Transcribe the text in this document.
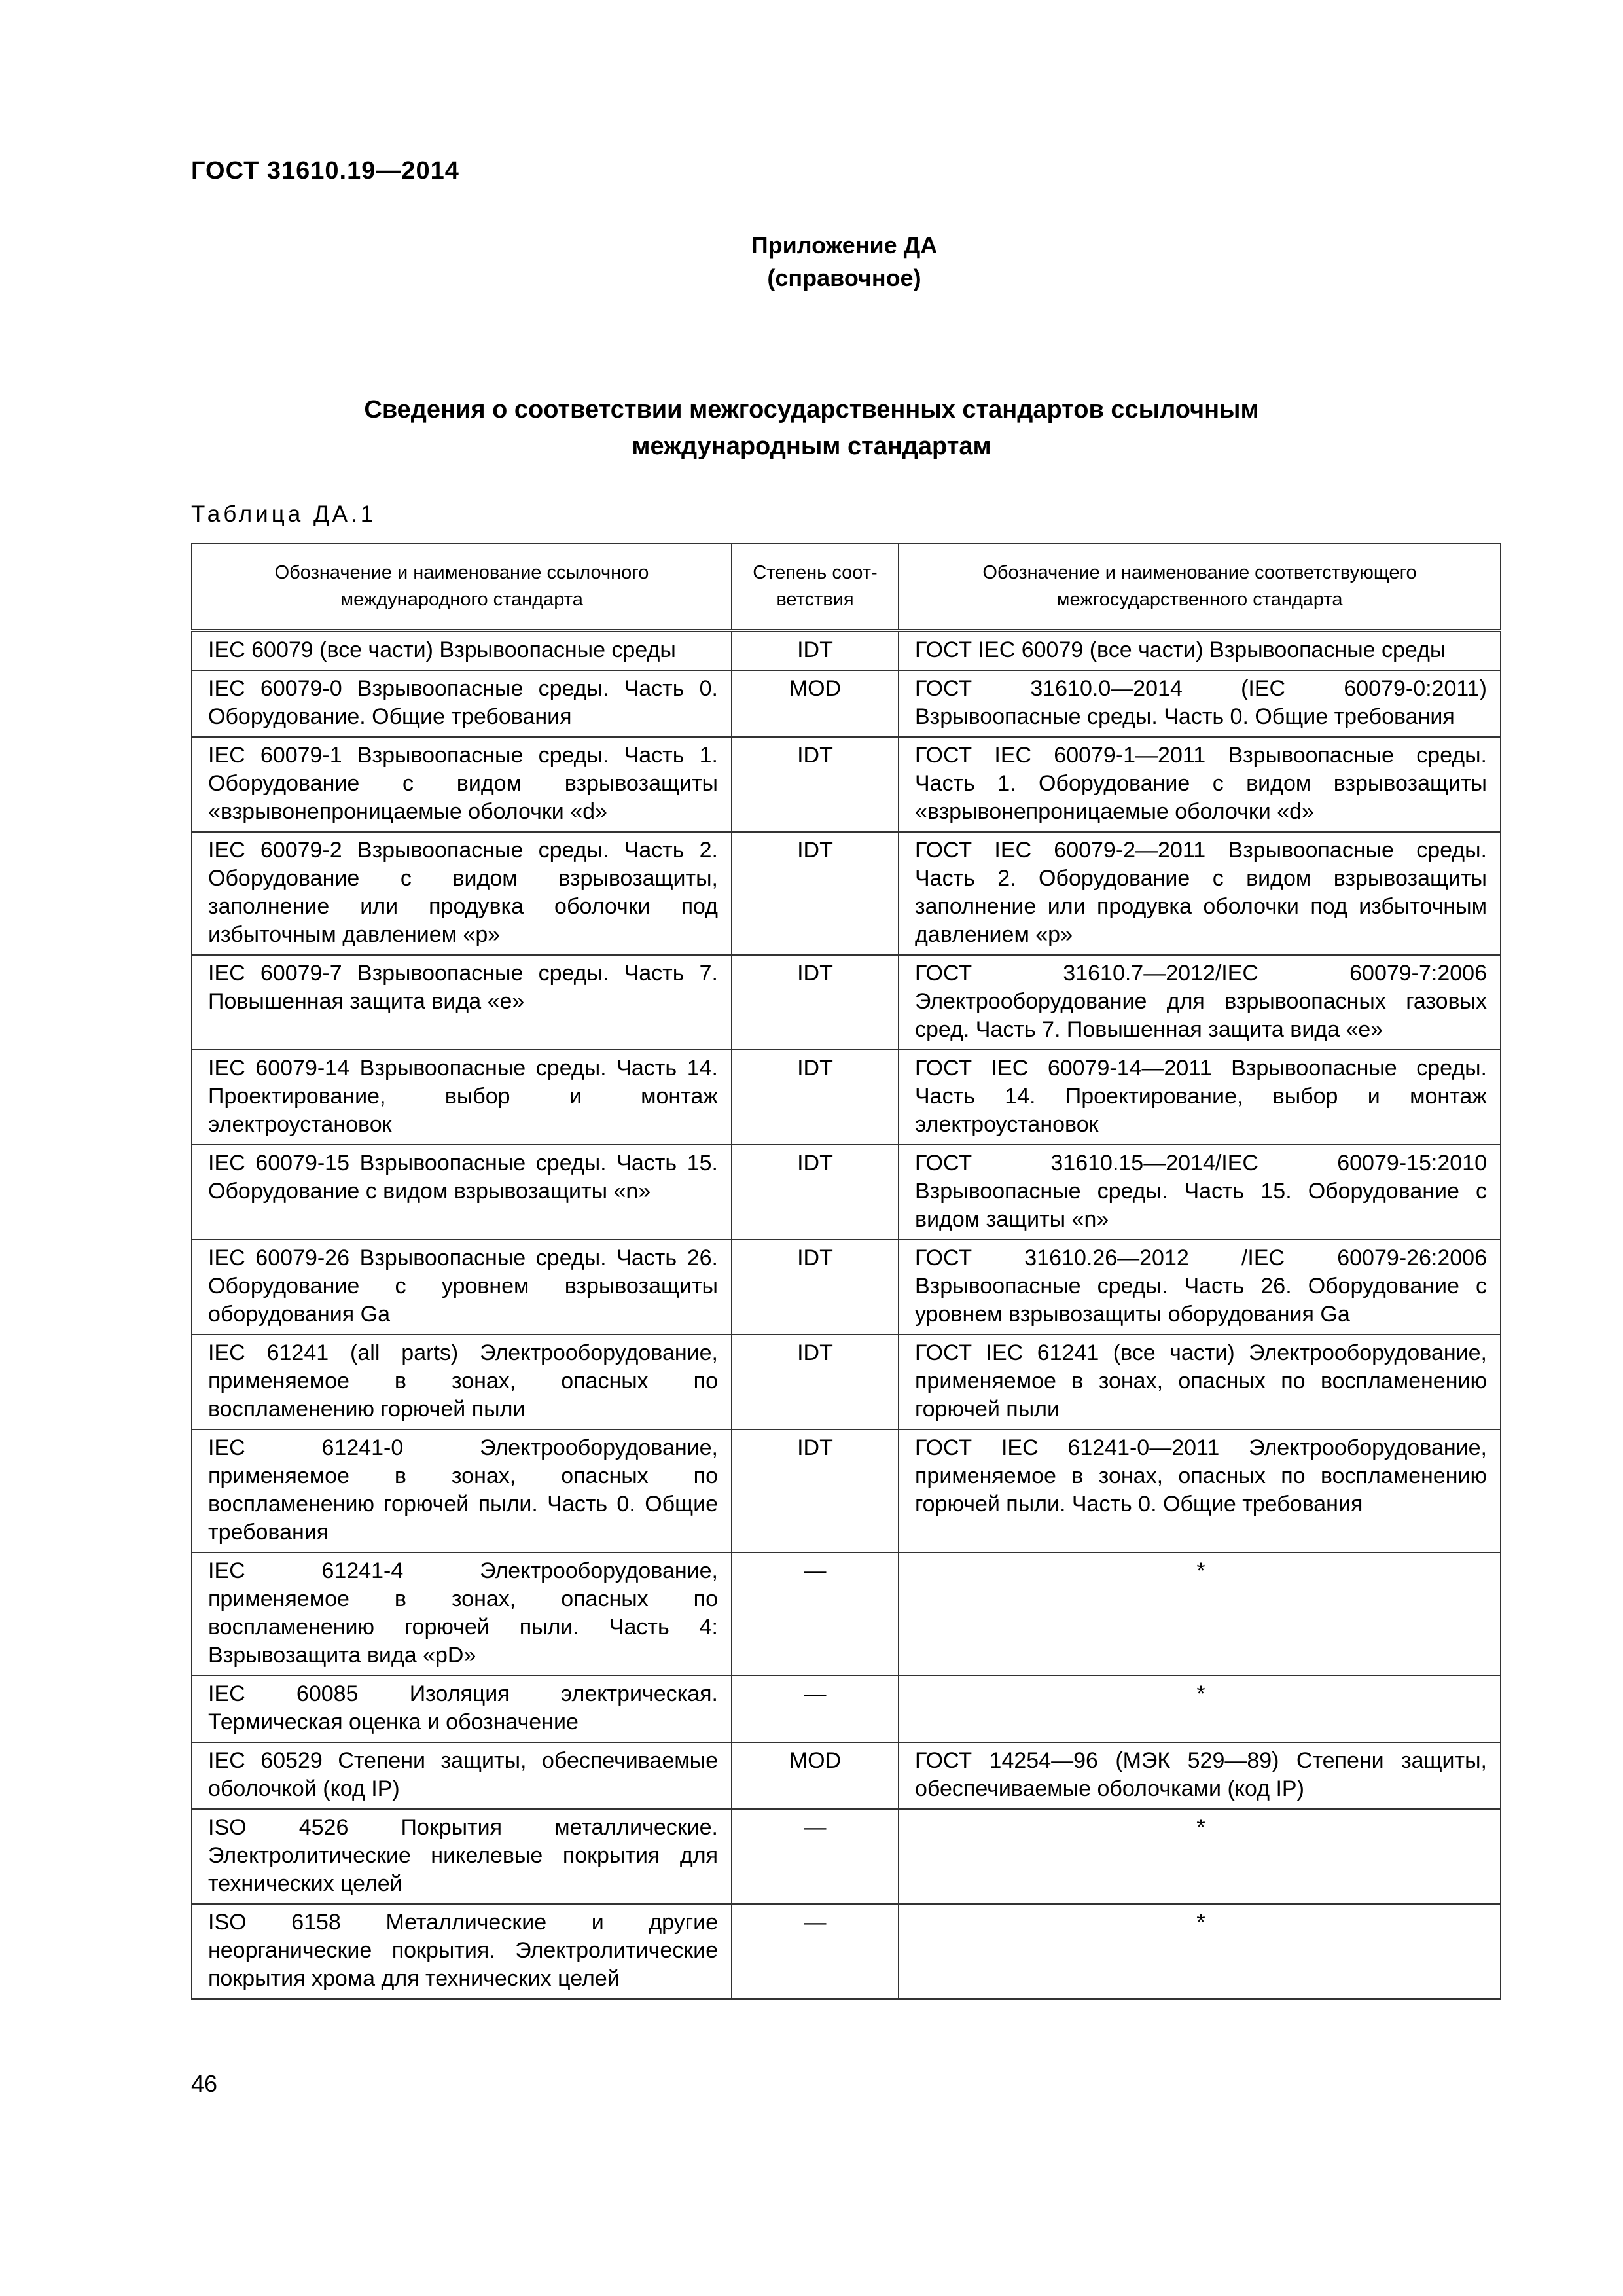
ГОСТ 31610.19—2014
Приложение ДА
(справочное)
Сведения о соответствии межгосударственных стандартов ссылочным
международным стандартам
Таблица ДА.1
Обозначение и наименование ссылочного международного стандарта	Степень соот-ветствия	Обозначение и наименование соответствующего межгосударственного стандарта
IEC 60079 (все части) Взрывоопасные среды	IDT	ГОСТ IEC 60079 (все части) Взрывоопасные среды
IEC 60079-0 Взрывоопасные среды. Часть 0. Оборудование. Общие требования	MOD	ГОСТ 31610.0—2014 (IEC 60079-0:2011) Взрывоопасные среды. Часть 0. Общие требования
IEC 60079-1 Взрывоопасные среды. Часть 1. Оборудование с видом взрывозащиты «взрывонепроницаемые оболочки «d»	IDT	ГОСТ IEC 60079-1—2011 Взрывоопасные среды. Часть 1. Оборудование с видом взрывозащиты «взрывонепроницаемые оболочки «d»
IEC 60079-2 Взрывоопасные среды. Часть 2. Оборудование с видом взрывозащиты, заполнение или продувка оболочки под избыточным давлением «р»	IDT	ГОСТ IEC 60079-2—2011 Взрывоопасные среды. Часть 2. Оборудование с видом взрывозащиты заполнение или продувка оболочки под избыточным давлением «р»
IEC 60079-7 Взрывоопасные среды. Часть 7. Повышенная защита вида «е»	IDT	ГОСТ 31610.7—2012/IEC 60079-7:2006 Электрооборудование для взрывоопасных газовых сред. Часть 7. Повышенная защита вида «е»
IEC 60079-14 Взрывоопасные среды. Часть 14. Проектирование, выбор и монтаж электроустановок	IDT	ГОСТ IEC 60079-14—2011 Взрывоопасные среды. Часть 14. Проектирование, выбор и монтаж электроустановок
IEC 60079-15 Взрывоопасные среды. Часть 15. Оборудование с видом взрывозащиты «n»	IDT	ГОСТ 31610.15—2014/IEC 60079-15:2010 Взрывоопасные среды. Часть 15. Оборудование с видом защиты «n»
IEC 60079-26 Взрывоопасные среды. Часть 26. Оборудование с уровнем взрывозащиты оборудования Ga	IDT	ГОСТ 31610.26—2012 /IEC 60079-26:2006 Взрывоопасные среды. Часть 26. Оборудование с уровнем взрывозащиты оборудования Ga
IEC 61241 (all parts) Электрооборудование, применяемое в зонах, опасных по воспламенению горючей пыли	IDT	ГОСТ IEC 61241 (все части) Электрооборудование, применяемое в зонах, опасных по воспламенению горючей пыли
IEC 61241-0 Электрооборудование, применяемое в зонах, опасных по воспламенению горючей пыли. Часть 0. Общие требования	IDT	ГОСТ IEC 61241-0—2011 Электрооборудование, применяемое в зонах, опасных по воспламенению горючей пыли. Часть 0. Общие требования
IEC 61241-4 Электрооборудование, применяемое в зонах, опасных по воспламенению горючей пыли. Часть 4: Взрывозащита вида «pD»	—	*
IEC 60085 Изоляция электрическая. Термическая оценка и обозначение	—	*
IEC 60529 Степени защиты, обеспечиваемые оболочкой (код IP)	MOD	ГОСТ 14254—96 (МЭК 529—89) Степени защиты, обеспечиваемые оболочками (код IP)
ISO 4526 Покрытия металлические. Электролитические никелевые покрытия для технических целей	—	*
ISO 6158 Металлические и другие неорганические покрытия. Электролитические покрытия хрома для технических целей	—	*
46
